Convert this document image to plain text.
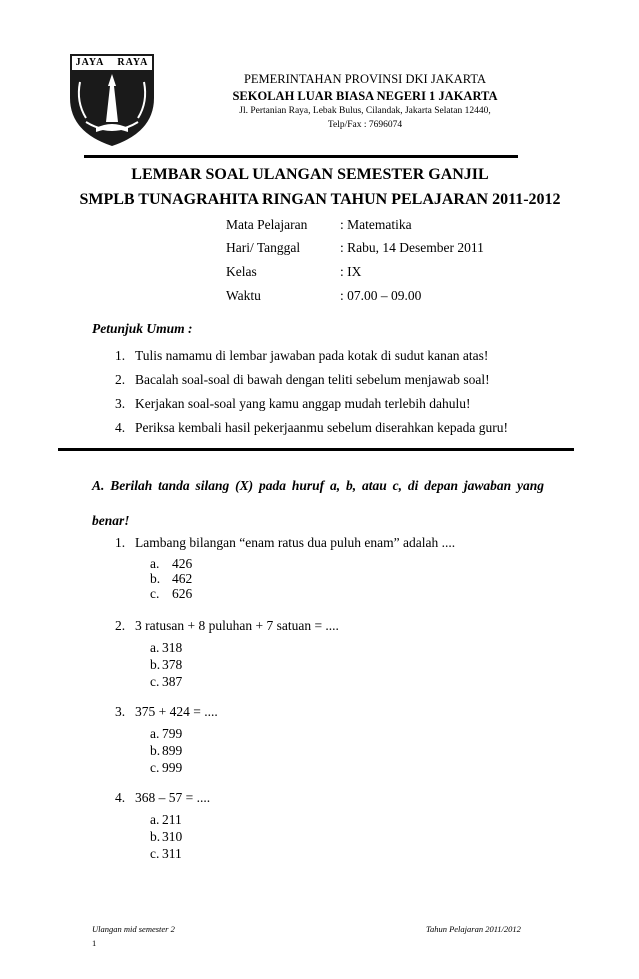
JAYA RAYA
PEMERINTAHAN PROVINSI DKI JAKARTA
SEKOLAH LUAR BIASA NEGERI 1 JAKARTA
Jl. Pertanian Raya, Lebak Bulus, Cilandak, Jakarta Selatan 12440,
Telp/Fax : 7696074
LEMBAR SOAL ULANGAN SEMESTER GANJIL
SMPLB TUNAGRAHITA RINGAN TAHUN PELAJARAN 2011-2012
Mata Pelajaran : Matematika
Hari/ Tanggal	: Rabu, 14 Desember 2011
Kelas	: IX
Waktu	: 07.00 – 09.00
Petunjuk Umum :
1. Tulis namamu di lembar jawaban pada kotak di sudut kanan atas!
2. Bacalah soal-soal di bawah dengan teliti sebelum menjawab soal!
3. Kerjakan soal-soal yang kamu anggap mudah terlebih dahulu!
4. Periksa kembali hasil pekerjaanmu sebelum diserahkan kepada guru!
A. Berilah tanda silang (X) pada huruf a, b, atau c, di depan jawaban yang
benar!
1. Lambang bilangan “enam ratus dua puluh enam” adalah ....
a. 426
b. 462
c. 626
2. 3 ratusan + 8 puluhan + 7 satuan = ....
a. 318
b. 378
c. 387
3. 375 + 424 = ....
a. 799
b. 899
c. 999
4. 368 – 57 = ....
a. 211
b. 310
c. 311
Ulangan mid semester 2	Tahun Pelajaran 2011/2012
1
